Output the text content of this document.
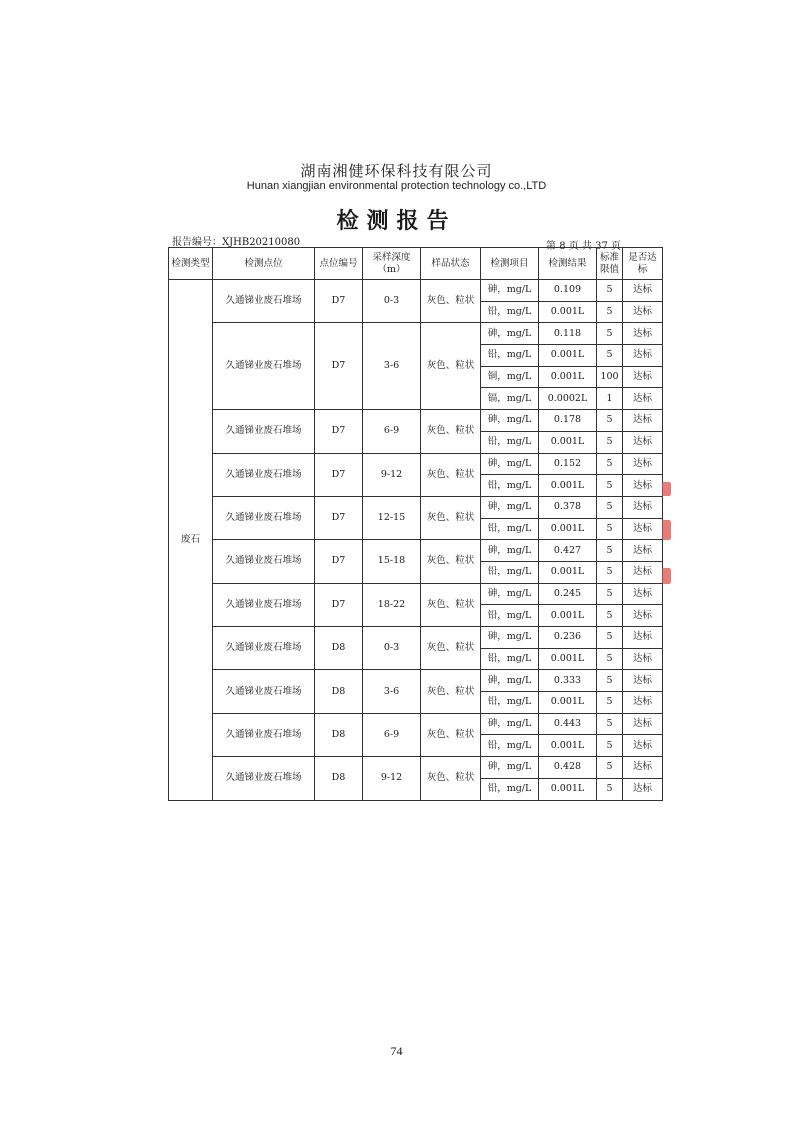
湖南湘健环保科技有限公司
Hunan xiangjian environmental protection technology co.,LTD
检测报告
报告编号：XJHB20210080	第 8 页 共 37 页
检测类型	检测点位	点位编号	采样深度（m）	样品状态	检测项目	检测结果	标准限值	是否达标
废石	久通锑业废石堆场	D7	0-3	灰色、粒状	砷，mg/L	0.109	5	达标
					铅，mg/L	0.001L	5	达标
	久通锑业废石堆场	D7	3-6	灰色、粒状	砷，mg/L	0.118	5	达标
					铅，mg/L	0.001L	5	达标
					铜，mg/L	0.001L	100	达标
					镉，mg/L	0.0002L	1	达标
	久通锑业废石堆场	D7	6-9	灰色、粒状	砷，mg/L	0.178	5	达标
					铅，mg/L	0.001L	5	达标
	久通锑业废石堆场	D7	9-12	灰色、粒状	砷，mg/L	0.152	5	达标
					铅，mg/L	0.001L	5	达标
	久通锑业废石堆场	D7	12-15	灰色、粒状	砷，mg/L	0.378	5	达标
					铅，mg/L	0.001L	5	达标
	久通锑业废石堆场	D7	15-18	灰色、粒状	砷，mg/L	0.427	5	达标
					铅，mg/L	0.001L	5	达标
	久通锑业废石堆场	D7	18-22	灰色、粒状	砷，mg/L	0.245	5	达标
					铅，mg/L	0.001L	5	达标
	久通锑业废石堆场	D8	0-3	灰色、粒状	砷，mg/L	0.236	5	达标
					铅，mg/L	0.001L	5	达标
	久通锑业废石堆场	D8	3-6	灰色、粒状	砷，mg/L	0.333	5	达标
					铅，mg/L	0.001L	5	达标
	久通锑业废石堆场	D8	6-9	灰色、粒状	砷，mg/L	0.443	5	达标
					铅，mg/L	0.001L	5	达标
	久通锑业废石堆场	D8	9-12	灰色、粒状	砷，mg/L	0.428	5	达标
					铅，mg/L	0.001L	5	达标
74
